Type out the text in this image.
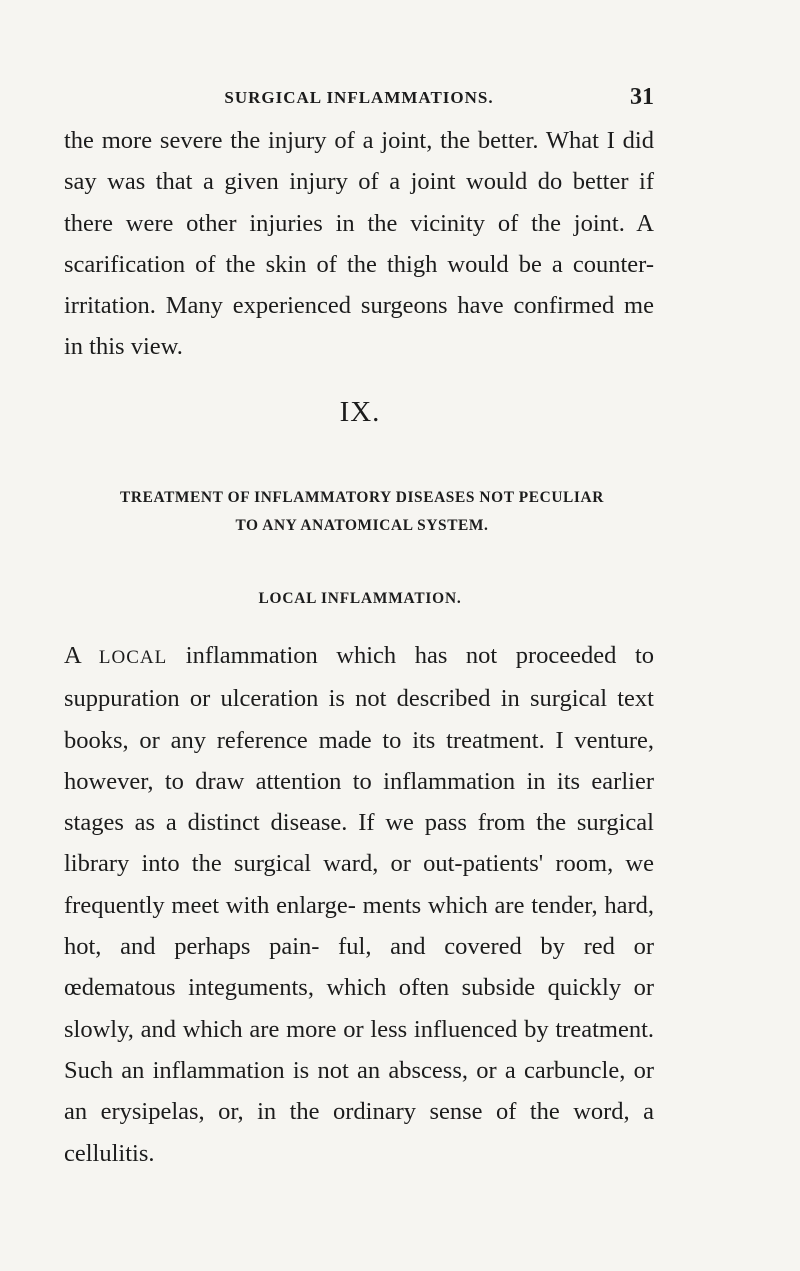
SURGICAL INFLAMMATIONS.	31

the more severe the injury of a joint, the better. What I did say was that a given injury of a joint would do better if there were other injuries in the vicinity of the joint. A scarification of the skin of the thigh would be a counter-irritation. Many experienced surgeons have confirmed me in this view.

IX.
TREATMENT OF INFLAMMATORY DISEASES NOT PECULIAR
TO ANY ANATOMICAL SYSTEM.
LOCAL INFLAMMATION.

A LOCAL inflammation which has not proceeded to suppuration or ulceration is not described in surgical text books, or any reference made to its treatment. I venture, however, to draw attention to inflammation in its earlier stages as a distinct disease. If we pass from the surgical library into the surgical ward, or out-patients' room, we frequently meet with enlarge- ments which are tender, hard, hot, and perhaps pain- ful, and covered by red or œdematous integuments, which often subside quickly or slowly, and which are more or less influenced by treatment. Such an inflammation is not an abscess, or a carbuncle, or an erysipelas, or, in the ordinary sense of the word, a cellulitis.
